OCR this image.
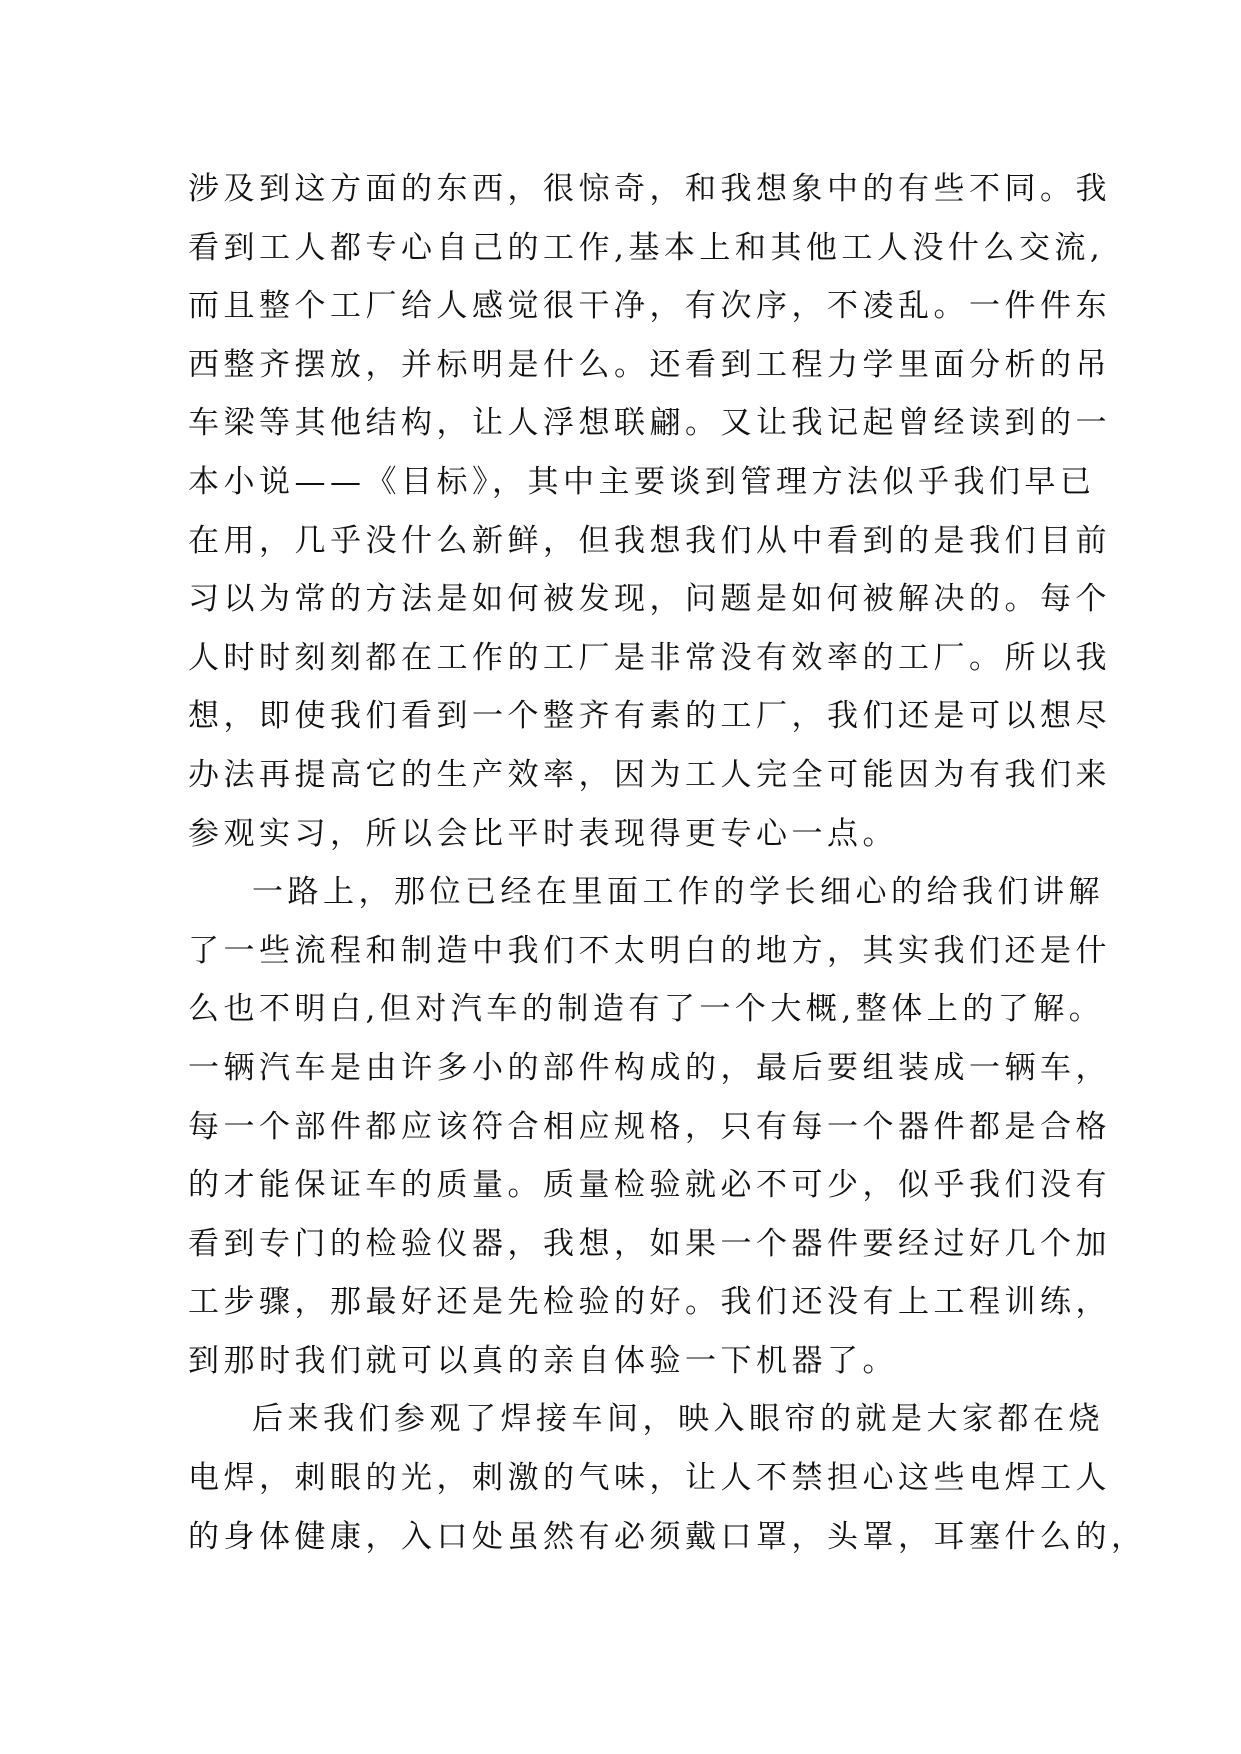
涉及到这方面的东西，很惊奇，和我想象中的有些不同。我
看到工人都专心自己的工作,基本上和其他工人没什么交流,
而且整个工厂给人感觉很干净，有次序，不凌乱。一件件东
西整齐摆放，并标明是什么。还看到工程力学里面分析的吊
车梁等其他结构，让人浮想联翩。又让我记起曾经读到的一
本小说——《目标》，其中主要谈到管理方法似乎我们早已
在用，几乎没什么新鲜，但我想我们从中看到的是我们目前
习以为常的方法是如何被发现，问题是如何被解决的。每个
人时时刻刻都在工作的工厂是非常没有效率的工厂。所以我
想，即使我们看到一个整齐有素的工厂，我们还是可以想尽
办法再提高它的生产效率，因为工人完全可能因为有我们来
参观实习，所以会比平时表现得更专心一点。
一路上，那位已经在里面工作的学长细心的给我们讲解
了一些流程和制造中我们不太明白的地方，其实我们还是什
么也不明白,但对汽车的制造有了一个大概,整体上的了解。
一辆汽车是由许多小的部件构成的，最后要组装成一辆车，
每一个部件都应该符合相应规格，只有每一个器件都是合格
的才能保证车的质量。质量检验就必不可少，似乎我们没有
看到专门的检验仪器，我想，如果一个器件要经过好几个加
工步骤，那最好还是先检验的好。我们还没有上工程训练，
到那时我们就可以真的亲自体验一下机器了。
后来我们参观了焊接车间，映入眼帘的就是大家都在烧
电焊，刺眼的光，刺激的气味，让人不禁担心这些电焊工人
的身体健康，入口处虽然有必须戴口罩，头罩，耳塞什么的，
